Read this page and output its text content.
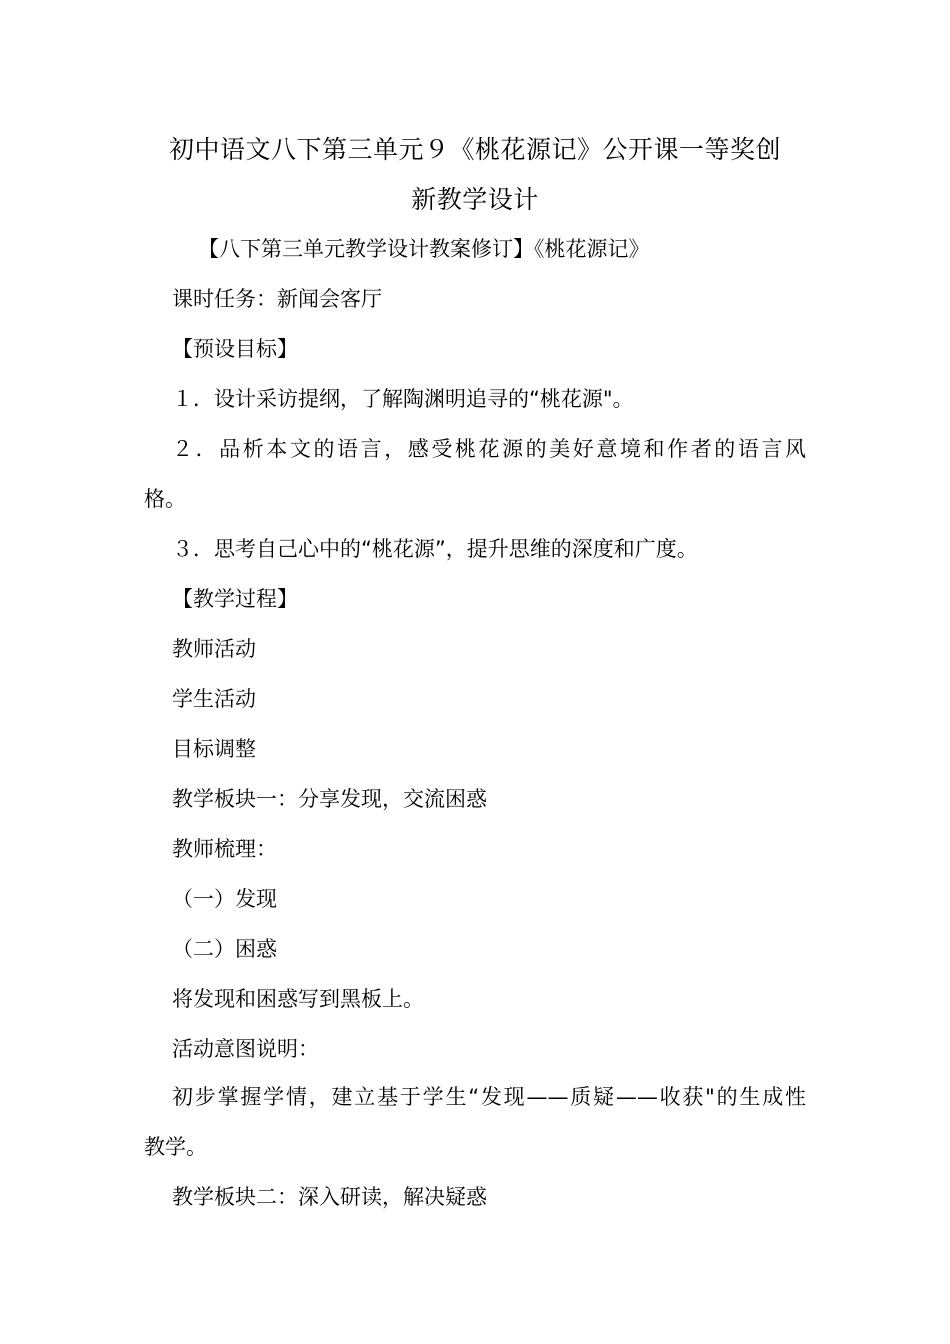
初中语文八下第三单元９《桃花源记》公开课一等奖创
新教学设计
【八下第三单元教学设计教案修订】《桃花源记》
课时任务：新闻会客厅
【预设目标】
１．设计采访提纲，了解陶渊明追寻的“桃花源"。
２．品析本文的语言，感受桃花源的美好意境和作者的语言风
格。
３．思考自己心中的“桃花源”，提升思维的深度和广度。
【教学过程】
教师活动
学生活动
目标调整
教学板块一：分享发现，交流困惑
教师梳理：
（一）发现
（二）困惑
将发现和困惑写到黑板上。
活动意图说明：
初步掌握学情，建立基于学生“发现——质疑——收获"的生成性
教学。
教学板块二：深入研读，解决疑惑
